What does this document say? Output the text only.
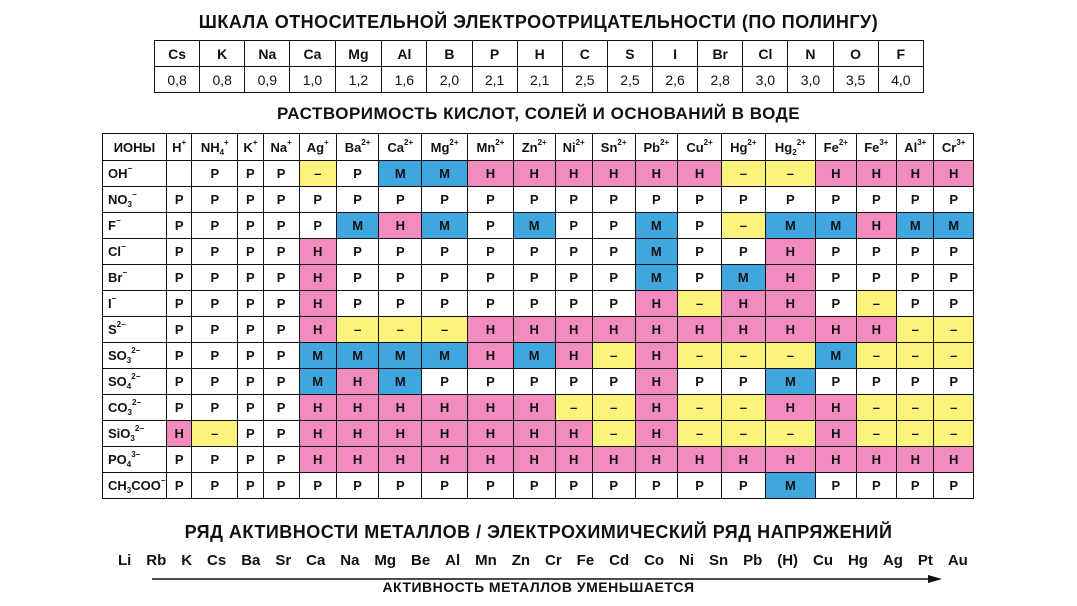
ШКАЛА ОТНОСИТЕЛЬНОЙ ЭЛЕКТРООТРИЦАТЕЛЬНОСТИ (ПО ПОЛИНГУ)
Cs	K	Na	Ca	Mg	Al	B	P	H	C	S	I	Br	Cl	N	O	F
0,8	0,8	0,9	1,0	1,2	1,6	2,0	2,1	2,1	2,5	2,5	2,6	2,8	3,0	3,0	3,5	4,0
РАСТВОРИМОСТЬ КИСЛОТ, СОЛЕЙ И ОСНОВАНИЙ В ВОДЕ
ИОНЫ	H+	$NH_4^+$	K+	Na+	Ag+	$Ba^{2+}$	$Ca^{2+}$	$Mg^{2+}$	$Mn^{2+}$	$Zn^{2+}$	$Ni^{2+}$	$Sn^{2+}$	$Pb^{2+}$	$Cu^{2+}$	$Hg^{2+}$	$Hg_2^{2+}$	$Fe^{2+}$	$Fe^{3+}$	$Al^{3+}$	$Cr^{3+}$
OH−		Р	Р	Р	–	Р	М	М	Н	Н	Н	Н	Н	Н	–	–	Н	Н	Н	Н
$NO_3^-$	Р	Р	Р	Р	Р	Р	Р	Р	Р	Р	Р	Р	Р	Р	Р	Р	Р	Р	Р	Р
F−	Р	Р	Р	Р	Р	М	Н	М	Р	М	Р	Р	М	Р	–	М	М	Н	М	М
Cl−	Р	Р	Р	Р	Н	Р	Р	Р	Р	Р	Р	Р	М	Р	Р	Н	Р	Р	Р	Р
Br−	Р	Р	Р	Р	Н	Р	Р	Р	Р	Р	Р	Р	М	Р	М	Н	Р	Р	Р	Р
I−	Р	Р	Р	Р	Н	Р	Р	Р	Р	Р	Р	Р	Н	–	Н	Н	Р	–	Р	Р
$S^{2-}$	Р	Р	Р	Р	Н	–	–	–	Н	Н	Н	Н	Н	Н	Н	Н	Н	Н	–	–
$SO_3^{2-}$	Р	Р	Р	Р	М	М	М	М	Н	М	Н	–	Н	–	–	–	М	–	–	–
$SO_4^{2-}$	Р	Р	Р	Р	М	Н	М	Р	Р	Р	Р	Р	Н	Р	Р	М	Р	Р	Р	Р
$CO_3^{2-}$	Р	Р	Р	Р	Н	Н	Н	Н	Н	Н	–	–	Н	–	–	Н	Н	–	–	–
SiO$_3^{2-}$	Н	–	Р	Р	Н	Н	Н	Н	Н	Н	Н	–	Н	–	–	–	Н	–	–	–
$PO_4^{3-}$	Р	Р	Р	Р	Н	Н	Н	Н	Н	Н	Н	Н	Н	Н	Н	Н	Н	Н	Н	Н
$CH_3COO^-$	Р	Р	Р	Р	Р	Р	Р	Р	Р	Р	Р	Р	Р	Р	Р	М	Р	Р	Р	Р
РЯД АКТИВНОСТИ МЕТАЛЛОВ / ЭЛЕКТРОХИМИЧЕСКИЙ РЯД НАПРЯЖЕНИЙ
Li Rb K Cs Ba Sr Ca Na Mg Be Al Mn Zn Cr Fe Cd Co Ni Sn Pb (H) Cu Hg Ag Pt Au
АКТИВНОСТЬ МЕТАЛЛОВ УМЕНЬШАЕТСЯ
